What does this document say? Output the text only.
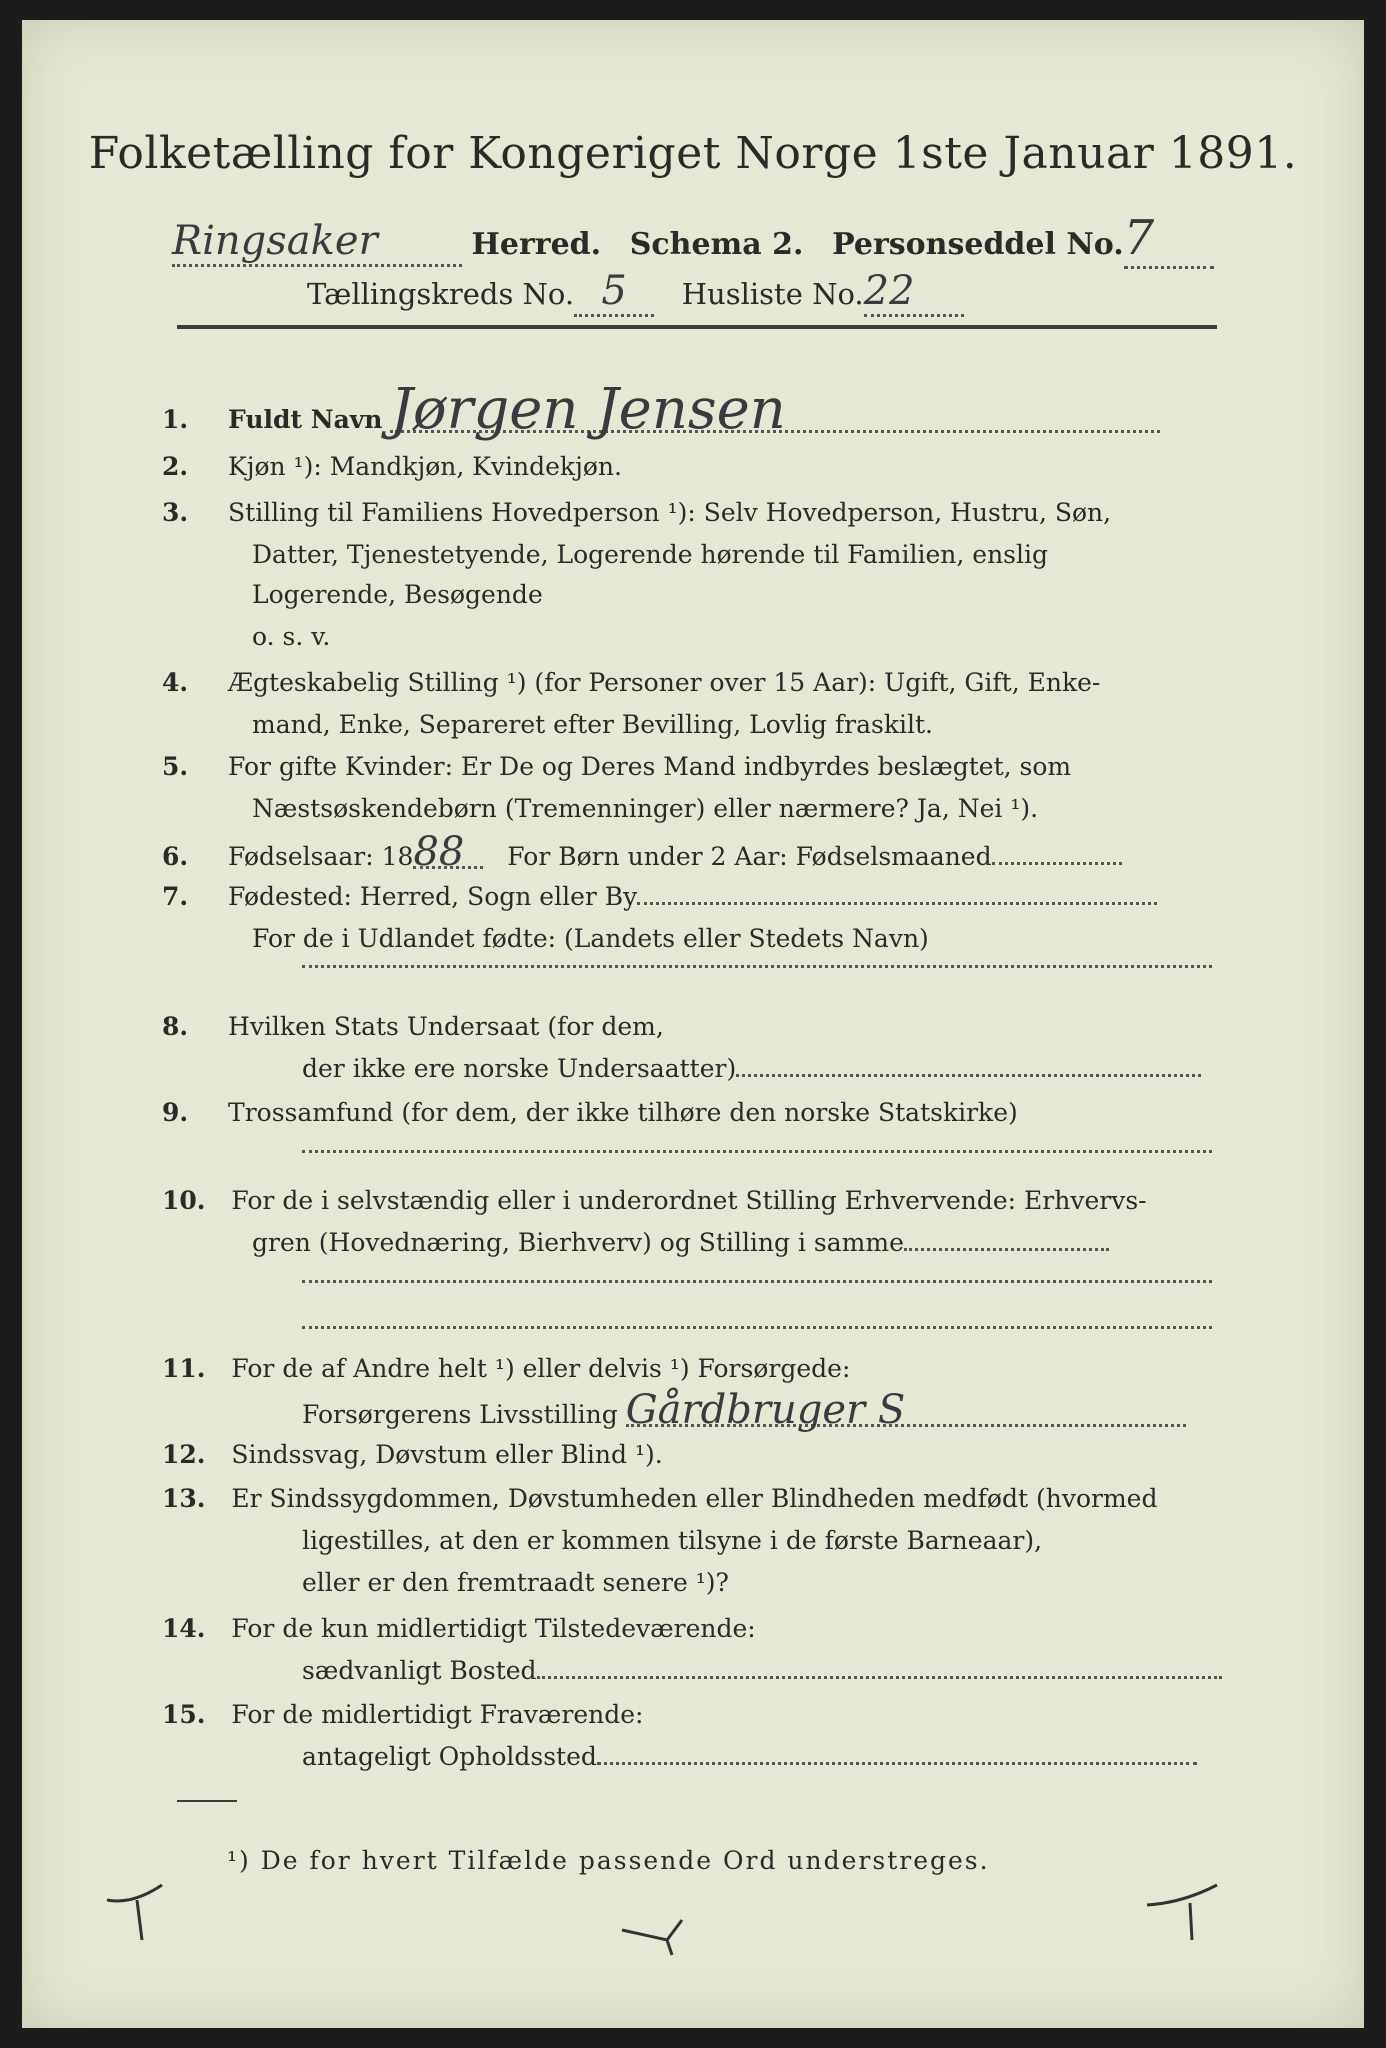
Folketælling for Kongeriget Norge 1ste Januar 1891.
Ringsaker	Herred. Schema 2. Personseddel No.7
Tællingskreds No. 5 Husliste No.22
1. Fuldt Navn Jørgen Jensen
2. Kjøn ¹): Mandkjøn, Kvindekjøn.
3. Stilling til Familiens Hovedperson ¹): Selv Hovedperson, Hustru, Søn,
Datter, Tjenestetyende, Logerende hørende til Familien, enslig
Logerende, Besøgende
o. s. v.
4. Ægteskabelig Stilling ¹) (for Personer over 15 Aar): Ugift, Gift, Enke-
mand, Enke, Separeret efter Bevilling, Lovlig fraskilt.
5. For gifte Kvinder: Er De og Deres Mand indbyrdes beslægtet, som
Næstsøskendebørn (Tremenninger) eller nærmere? Ja, Nei ¹).
6. Fødselsaar: 1888 For Børn under 2 Aar: Fødselsmaaned
7. Fødested: Herred, Sogn eller By
For de i Udlandet fødte: (Landets eller Stedets Navn)
8. Hvilken Stats Undersaat (for dem,
der ikke ere norske Undersaatter)
9. Trossamfund (for dem, der ikke tilhøre den norske Statskirke)
10. For de i selvstændig eller i underordnet Stilling Erhvervende: Erhvervs-
gren (Hovednæring, Bierhverv) og Stilling i samme
11. For de af Andre helt ¹) eller delvis ¹) Forsørgede:
Forsørgerens Livsstilling Gårdbruger S
12. Sindssvag, Døvstum eller Blind ¹).
13. Er Sindssygdommen, Døvstumheden eller Blindheden medfødt (hvormed
ligestilles, at den er kommen tilsyne i de første Barneaar),
eller er den fremtraadt senere ¹)?
14. For de kun midlertidigt Tilstedeværende:
sædvanligt Bosted
15. For de midlertidigt Fraværende:
antageligt Opholdssted
¹) De for hvert Tilfælde passende Ord understreges.
